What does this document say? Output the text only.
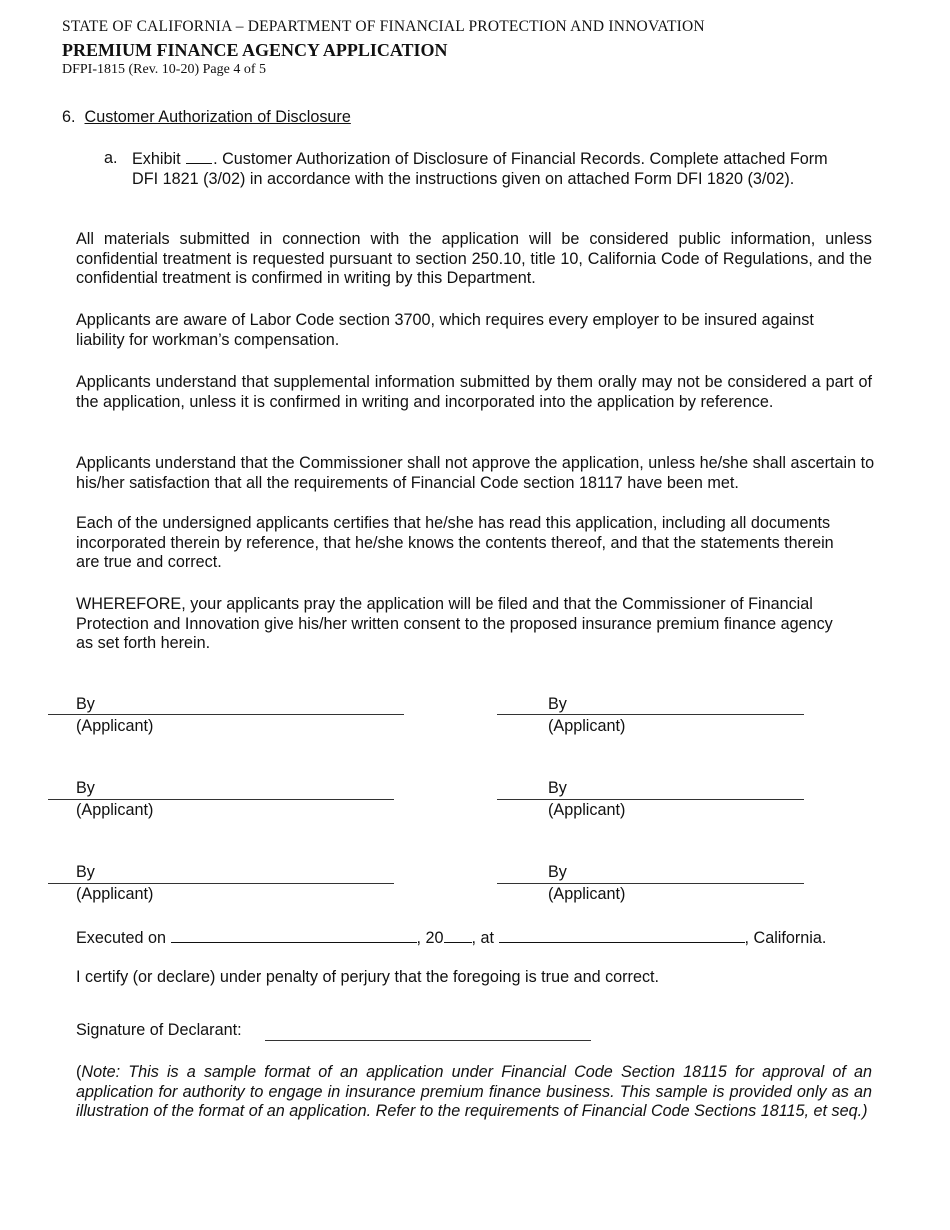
STATE OF CALIFORNIA – DEPARTMENT OF FINANCIAL PROTECTION AND INNOVATION
PREMIUM FINANCE AGENCY APPLICATION
DFPI-1815 (Rev. 10-20) Page 4 of 5
6. Customer Authorization of Disclosure
a. Exhibit . Customer Authorization of Disclosure of Financial Records. Complete attached Form DFI 1821 (3/02) in accordance with the instructions given on attached Form DFI 1820 (3/02).
All materials submitted in connection with the application will be considered public information, unless confidential treatment is requested pursuant to section 250.10, title 10, California Code of Regulations, and the confidential treatment is confirmed in writing by this Department.
Applicants are aware of Labor Code section 3700, which requires every employer to be insured against liability for workman’s compensation.
Applicants understand that supplemental information submitted by them orally may not be considered a part of the application, unless it is confirmed in writing and incorporated into the application by reference.
Applicants understand that the Commissioner shall not approve the application, unless he/she shall ascertain to his/her satisfaction that all the requirements of Financial Code section 18117 have been met.
Each of the undersigned applicants certifies that he/she has read this application, including all documents incorporated therein by reference, that he/she knows the contents thereof, and that the statements therein are true and correct.
WHEREFORE, your applicants pray the application will be filed and that the Commissioner of Financial Protection and Innovation give his/her written consent to the proposed insurance premium finance agency as set forth herein.
By
(Applicant)
By
(Applicant)
By
(Applicant)
By
(Applicant)
By
(Applicant)
By
(Applicant)
Executed on	, 20 , at	, California.
I certify (or declare) under penalty of perjury that the foregoing is true and correct.
Signature of Declarant:
(Note: This is a sample format of an application under Financial Code Section 18115 for approval of an application for authority to engage in insurance premium finance business. This sample is provided only as an illustration of the format of an application. Refer to the requirements of Financial Code Sections 18115, et seq.)
